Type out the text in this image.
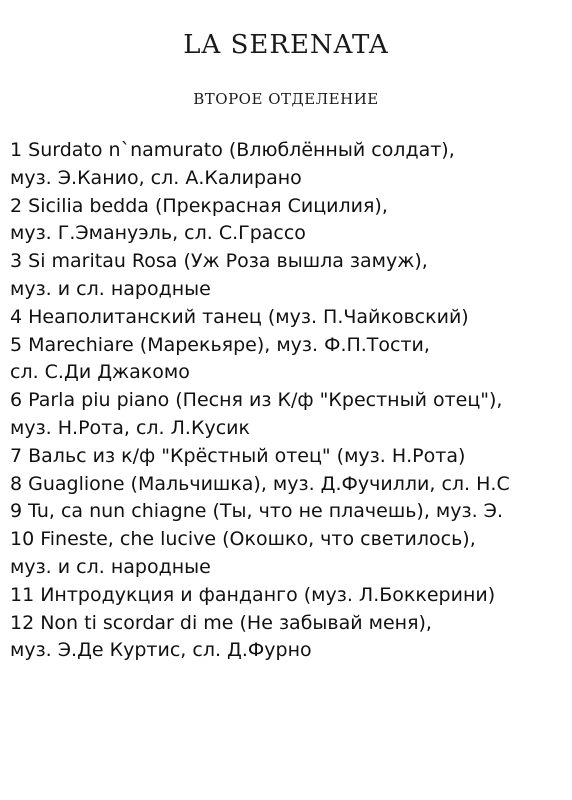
LA SERENATA
ВТОРОЕ ОТДЕЛЕНИЕ
1 Surdato n`namurato (Влюблённый солдат),
муз. Э.Канио, сл. А.Калирано
2 Sicilia bedda (Прекрасная Сицилия),
муз. Г.Эмануэль, сл. С.Грассо
3 Si maritau Rosa (Уж Роза вышла замуж),
муз. и сл. народные
4 Неаполитанский танец (муз. П.Чайковский)
5 Marechiare (Марекьяре), муз. Ф.П.Тости,
сл. С.Ди Джакомо
6 Parla piu piano (Песня из К/ф "Крестный отец"),
муз. Н.Рота, сл. Л.Кусик
7 Вальс из к/ф "Крёстный отец" (муз. Н.Рота)
8 Guaglione (Мальчишка), муз. Д.Фучилли, сл. Н.С
9 Tu, ca nun chiagne (Ты, что не плачешь), муз. Э.
10 Fineste, che lucive (Окошко, что светилось),
муз. и сл. народные
11 Интродукция и фанданго (муз. Л.Боккерини)
12 Non ti scordar di me (Не забывай меня),
муз. Э.Де Куртис, сл. Д.Фурно
